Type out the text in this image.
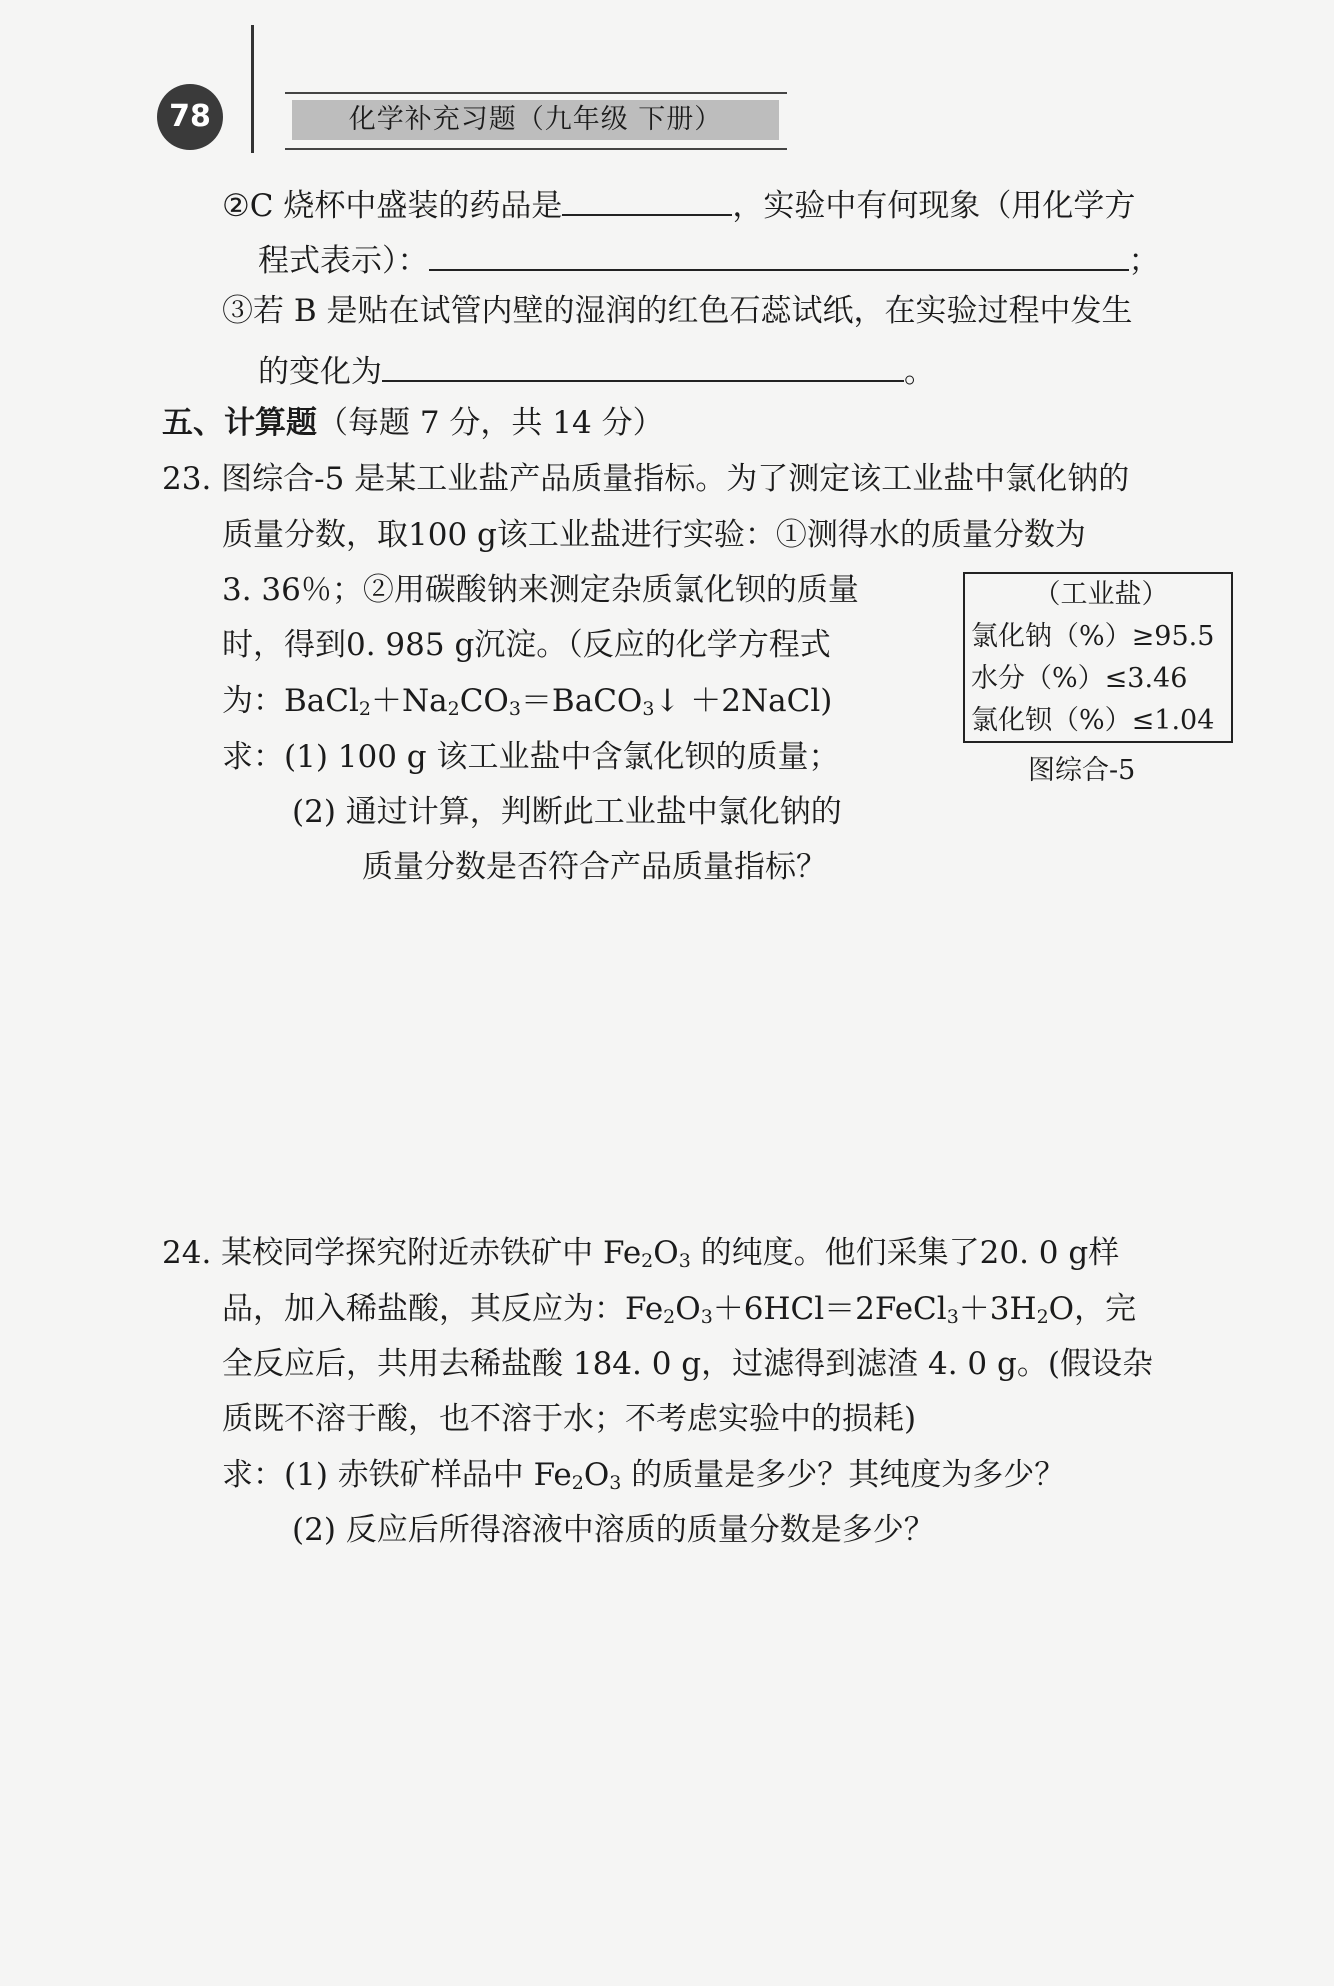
78	化学补充习题（九年级 下册）
②C 烧杯中盛装的药品是	，实验中有何现象（用化学方
程式表示）：	；
③若 B 是贴在试管内壁的湿润的红色石蕊试纸，在实验过程中发生
的变化为	。
五、计算题（每题 7 分，共 14 分）
23. 图综合-5 是某工业盐产品质量指标。为了测定该工业盐中氯化钠的
质量分数，取100 g该工业盐进行实验：①测得水的质量分数为
3. 36％；②用碳酸钠来测定杂质氯化钡的质量
时，得到0. 985 g沉淀。（反应的化学方程式
为：$BaCl_2+Na_2CO_3=BaCO_3↓$ ＋2NaCl)
求：(1) 100 g 该工业盐中含氯化钡的质量；
(2) 通过计算，判断此工业盐中氯化钠的
质量分数是否符合产品质量指标？
（工业盐）
氯化钠（%）≥95.5
水分（%）≤3.46
氯化钡（%）≤1.04
图综合-5
24. 某校同学探究附近赤铁矿中 $Fe_2O_3$ 的纯度。他们采集了20. 0 g样
品，加入稀盐酸，其反应为：$Fe_2O_3+6HCl=2FeCl_3+3H_2O$，完
全反应后，共用去稀盐酸 184. 0 g，过滤得到滤渣 4. 0 g。(假设杂
质既不溶于酸，也不溶于水；不考虑实验中的损耗)
求：(1) 赤铁矿样品中 $Fe_2O_3$ 的质量是多少？其纯度为多少？
(2) 反应后所得溶液中溶质的质量分数是多少？
